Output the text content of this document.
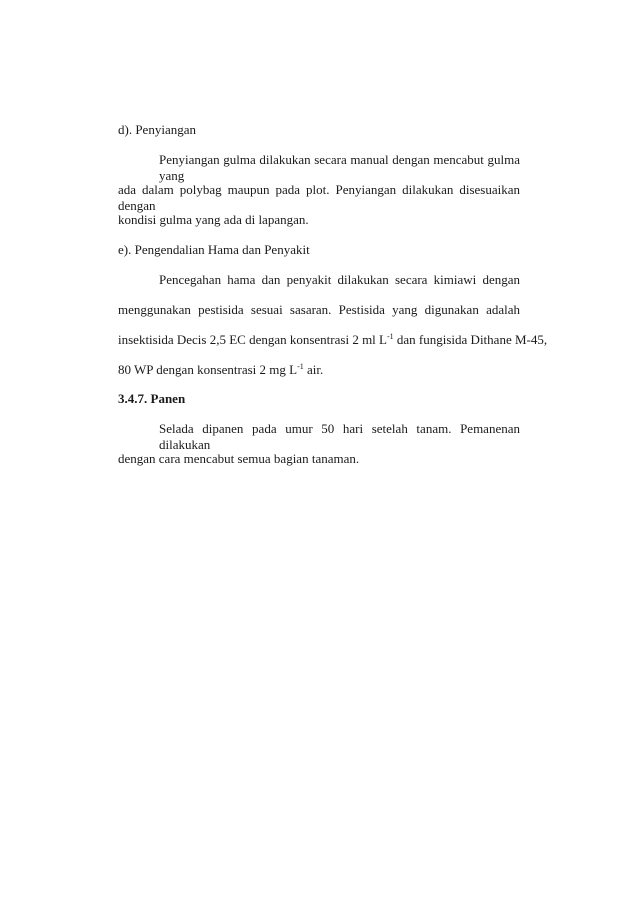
d). Penyiangan
Penyiangan gulma dilakukan secara manual dengan mencabut gulma yang
ada dalam polybag maupun pada plot. Penyiangan dilakukan disesuaikan dengan
kondisi gulma yang ada di lapangan.
e). Pengendalian Hama dan Penyakit
Pencegahan hama dan penyakit dilakukan secara kimiawi dengan
menggunakan pestisida sesuai sasaran. Pestisida yang digunakan adalah
insektisida Decis 2,5 EC dengan konsentrasi 2 ml $L^{-1}$ dan fungisida Dithane M-45,
80 WP dengan konsentrasi 2 mg $L^{-1}$ air.
3.4.7. Panen
Selada dipanen pada umur 50 hari setelah tanam. Pemanenan dilakukan
dengan cara mencabut semua bagian tanaman.
